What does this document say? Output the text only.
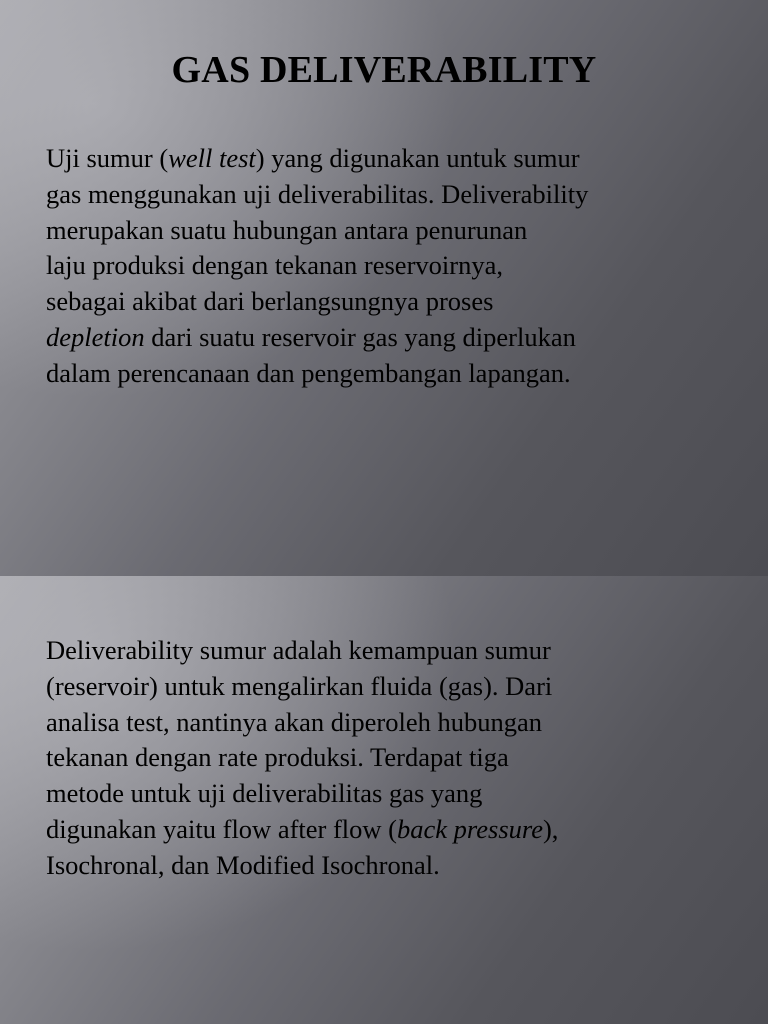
GAS DELIVERABILITY
Uji sumur (well test) yang digunakan untuk sumur
gas menggunakan uji deliverabilitas. Deliverability
merupakan suatu hubungan antara penurunan
laju produksi dengan tekanan reservoirnya,
sebagai akibat dari berlangsungnya proses
depletion dari suatu reservoir gas yang diperlukan
dalam perencanaan dan pengembangan lapangan.
Deliverability sumur adalah kemampuan sumur
(reservoir) untuk mengalirkan fluida (gas). Dari
analisa test, nantinya akan diperoleh hubungan
tekanan dengan rate produksi. Terdapat tiga
metode untuk uji deliverabilitas gas yang
digunakan yaitu flow after flow (back pressure),
Isochronal, dan Modified Isochronal.
